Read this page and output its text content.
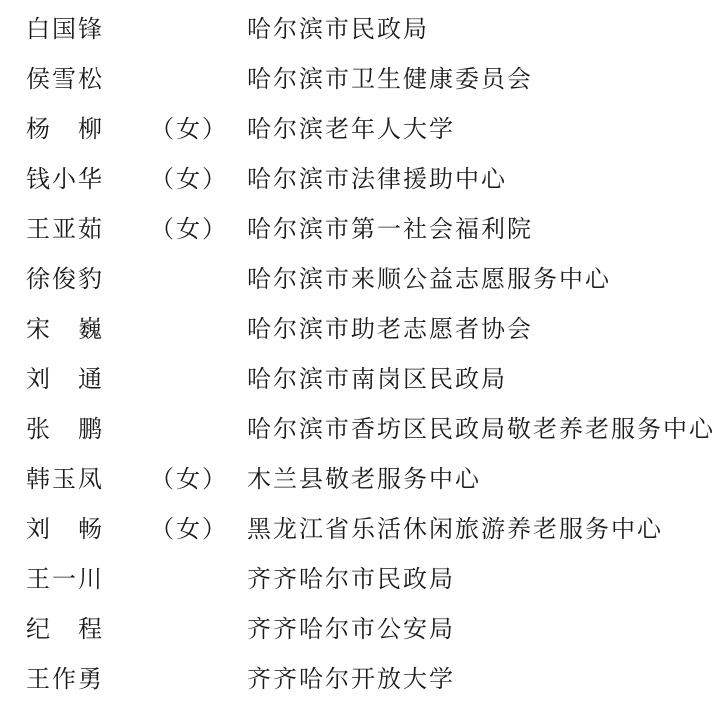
白国锋	哈尔滨市民政局
侯雪松	哈尔滨市卫生健康委员会
杨　柳 （女） 哈尔滨老年人大学
钱小华 （女） 哈尔滨市法律援助中心
王亚茹 （女） 哈尔滨市第一社会福利院
徐俊豹	哈尔滨市来顺公益志愿服务中心
宋　巍	哈尔滨市助老志愿者协会
刘　通	哈尔滨市南岗区民政局
张　鹏	哈尔滨市香坊区民政局敬老养老服务中心
韩玉凤 （女） 木兰县敬老服务中心
刘　畅 （女） 黑龙江省乐活休闲旅游养老服务中心
王一川	齐齐哈尔市民政局
纪　程	齐齐哈尔市公安局
王作勇	齐齐哈尔开放大学
